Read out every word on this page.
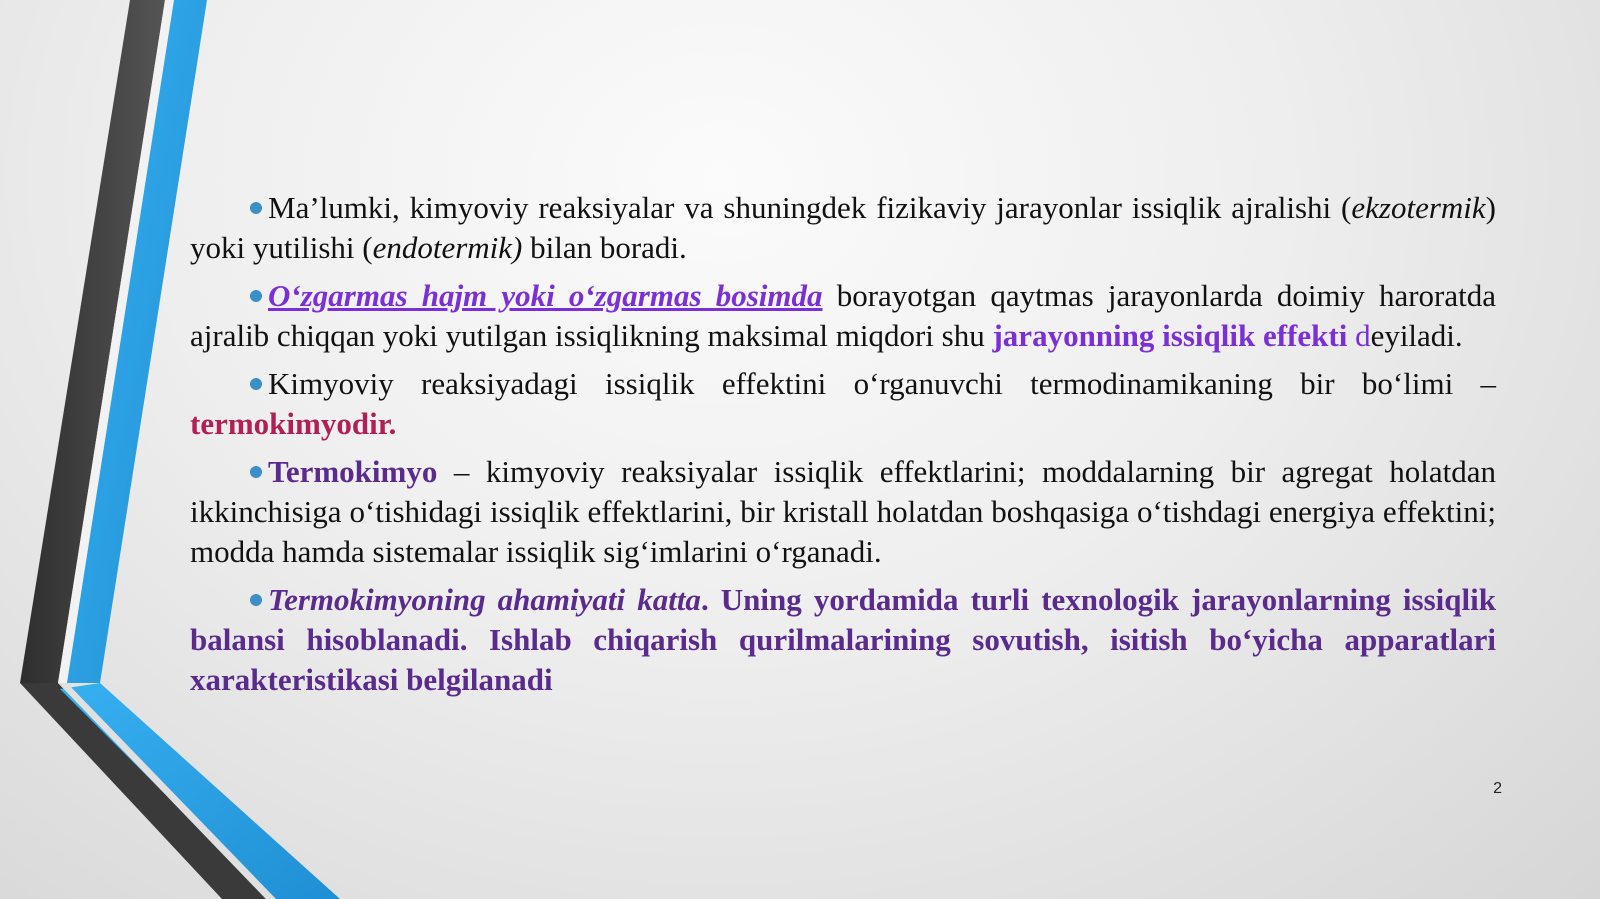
Ma’lumki, kimyoviy reaksiyalar va shuningdek fizikaviy jarayonlar issiqlik ajralishi (ekzotermik) yoki yutilishi (endotermik) bilan boradi.

O‘zgarmas hajm yoki o‘zgarmas bosimda borayotgan qaytmas jarayonlarda doimiy haroratda ajralib chiqqan yoki yutilgan issiqlikning maksimal miqdori shu jarayonning issiqlik effekti deyiladi.

Kimyoviy reaksiyadagi issiqlik effektini o‘rganuvchi termodinamikaning bir bo‘limi – termokimyodir.

Termokimyo – kimyoviy reaksiyalar issiqlik effektlarini; moddalarning bir agregat holatdan ikkinchisiga o‘tishidagi issiqlik effektlarini, bir kristall holatdan boshqasiga o‘tishdagi energiya effektini; modda hamda sistemalar issiqlik sig‘imlarini o‘rganadi.

Termokimyoning ahamiyati katta. Uning yordamida turli texnologik jarayonlarning issiqlik balansi hisoblanadi. Ishlab chiqarish qurilmalarining sovutish, isitish bo‘yicha apparatlari xarakteristikasi belgilanadi

2
